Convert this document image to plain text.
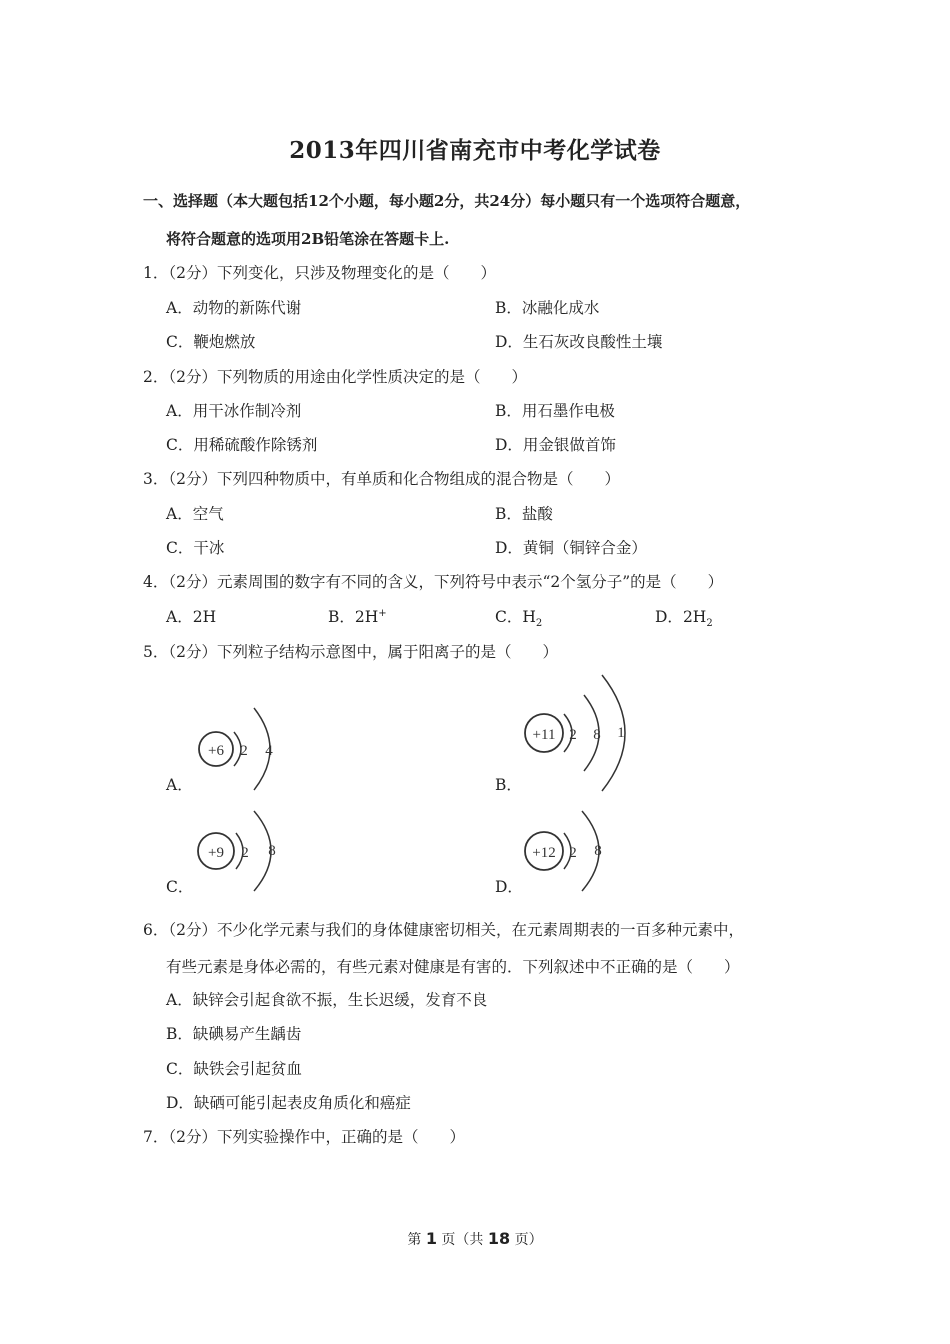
2013年四川省南充市中考化学试卷
一、选择题（本大题包括12个小题，每小题2分，共24分）每小题只有一个选项符合题意，
将符合题意的选项用2B铅笔涂在答题卡上.
1．（2分）下列变化，只涉及物理变化的是（　　）
A．动物的新陈代谢	B．冰融化成水
C．鞭炮燃放	D．生石灰改良酸性土壤
2．（2分）下列物质的用途由化学性质决定的是（　　）
A．用干冰作制冷剂	B．用石墨作电极
C．用稀硫酸作除锈剂	D．用金银做首饰
3．（2分）下列四种物质中，有单质和化合物组成的混合物是（　　）
A．空气	B．盐酸
C．干冰	D．黄铜（铜锌合金）
4．（2分）元素周围的数字有不同的含义，下列符号中表示“2个氢分子”的是（　　）
A．2H	B．2H+	C．$H_2$	D．$2H_2$
5．（2分）下列粒子结构示意图中，属于阳离子的是（　　）
A．
+6 2 4
B．
+11 2 8 1
C．
+9 2 8
D．
+12 2 8
6．（2分）不少化学元素与我们的身体健康密切相关，在元素周期表的一百多种元素中，
有些元素是身体必需的，有些元素对健康是有害的．下列叙述中不正确的是（　　）
A．缺锌会引起食欲不振，生长迟缓，发育不良
B．缺碘易产生龋齿
C．缺铁会引起贫血
D．缺硒可能引起表皮角质化和癌症
7．（2分）下列实验操作中，正确的是（　　）
第 1 页（共 18 页）
